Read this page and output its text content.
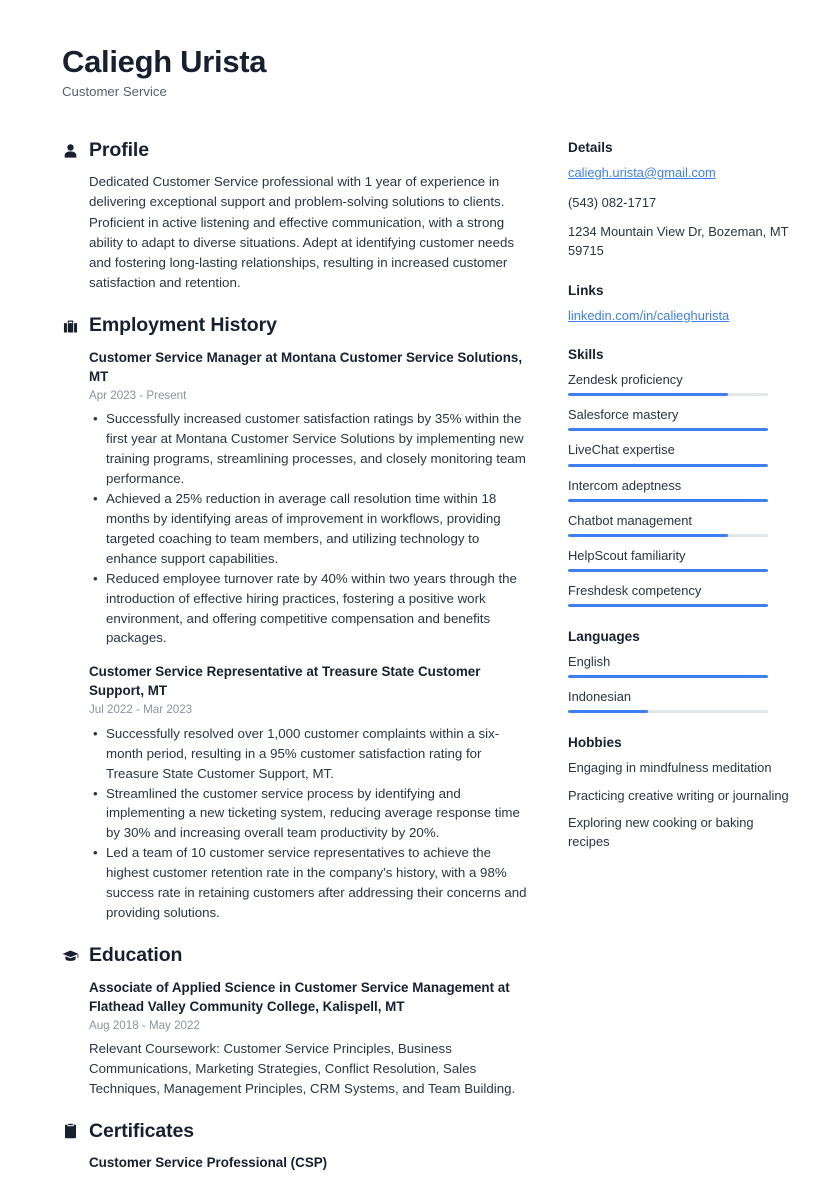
Caliegh Urista
Customer Service
Profile
Dedicated Customer Service professional with 1 year of experience in delivering exceptional support and problem-solving solutions to clients. Proficient in active listening and effective communication, with a strong ability to adapt to diverse situations. Adept at identifying customer needs and fostering long-lasting relationships, resulting in increased customer satisfaction and retention.
Employment History
Customer Service Manager at Montana Customer Service Solutions, MT
Apr 2023 - Present
• Successfully increased customer satisfaction ratings by 35% within the first year at Montana Customer Service Solutions by implementing new training programs, streamlining processes, and closely monitoring team performance.
• Achieved a 25% reduction in average call resolution time within 18 months by identifying areas of improvement in workflows, providing targeted coaching to team members, and utilizing technology to enhance support capabilities.
• Reduced employee turnover rate by 40% within two years through the introduction of effective hiring practices, fostering a positive work environment, and offering competitive compensation and benefits packages.
Customer Service Representative at Treasure State Customer Support, MT
Jul 2022 - Mar 2023
• Successfully resolved over 1,000 customer complaints within a six-month period, resulting in a 95% customer satisfaction rating for Treasure State Customer Support, MT.
• Streamlined the customer service process by identifying and implementing a new ticketing system, reducing average response time by 30% and increasing overall team productivity by 20%.
• Led a team of 10 customer service representatives to achieve the highest customer retention rate in the company's history, with a 98% success rate in retaining customers after addressing their concerns and providing solutions.
Education
Associate of Applied Science in Customer Service Management at Flathead Valley Community College, Kalispell, MT
Aug 2018 - May 2022
Relevant Coursework: Customer Service Principles, Business Communications, Marketing Strategies, Conflict Resolution, Sales Techniques, Management Principles, CRM Systems, and Team Building.
Certificates
Customer Service Professional (CSP)
Details
caliegh.urista@gmail.com
(543) 082-1717
1234 Mountain View Dr, Bozeman, MT 59715
Links
linkedin.com/in/calieghurista
Skills
Zendesk proficiency
Salesforce mastery
LiveChat expertise
Intercom adeptness
Chatbot management
HelpScout familiarity
Freshdesk competency
Languages
English
Indonesian
Hobbies
Engaging in mindfulness meditation
Practicing creative writing or journaling
Exploring new cooking or baking recipes
